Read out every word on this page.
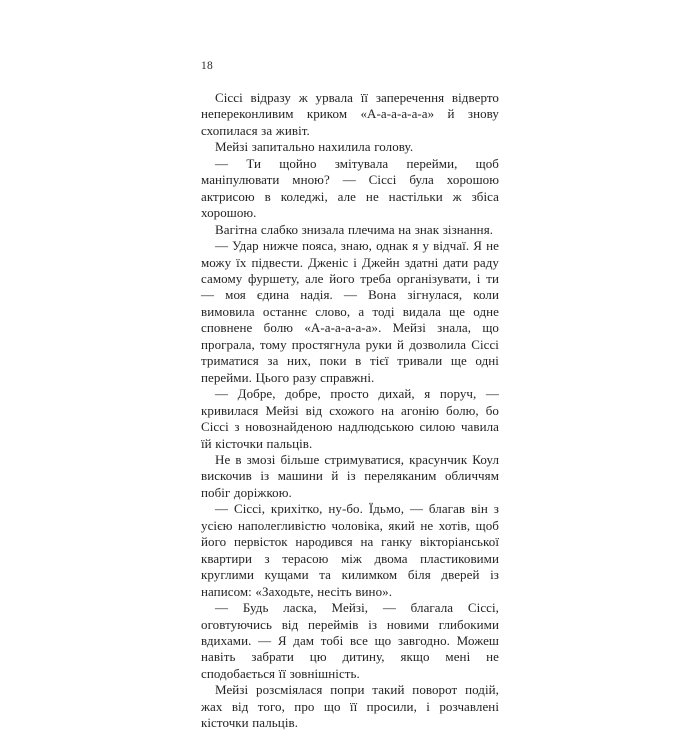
18

Сіссі відразу ж урвала її заперечення відверто непереконливим криком «А-а-а-а-а-а» й знову схопилася за живіт.

Мейзі запитально нахилила голову.

— Ти щойно змітувала перейми, щоб маніпулювати мною? — Сіссі була хорошою актрисою в коледжі, але не настільки ж збіса хорошою.

Вагітна слабко знизала плечима на знак зізнання.

— Удар нижче пояса, знаю, однак я у відчаї. Я не можу їх підвести. Дженіс і Джейн здатні дати раду самому фуршету, але його треба організувати, і ти — моя єдина надія. — Вона зігнулася, коли вимовила останнє слово, а тоді видала ще одне сповнене болю «А-а-а-а-а-а». Мейзі знала, що програла, тому простягнула руки й дозволила Сіссі триматися за них, поки в тієї тривали ще одні перейми. Цього разу справжні.

— Добре, добре, просто дихай, я поруч, — кривилася Мейзі від схожого на агонію болю, бо Сіссі з новознайденою надлюдською силою чавила їй кісточки пальців.

Не в змозі більше стримуватися, красунчик Коул вискочив із машини й із переляканим обличчям побіг доріжкою.

— Сіссі, крихітко, ну-бо. Їдьмо, — благав він з усією наполегливістю чоловіка, який не хотів, щоб його первісток народився на ганку вікторіанської квартири з терасою між двома пластиковими круглими кущами та килимком біля дверей із написом: «Заходьте, несіть вино».

— Будь ласка, Мейзі, — благала Сіссі, оговтуючись від переймів із новими глибокими вдихами. — Я дам тобі все що завгодно. Можеш навіть забрати цю дитину, якщо мені не сподобається її зовнішність.

Мейзі розсміялася попри такий поворот подій, жах від того, про що її просили, і розчавлені кісточки пальців.
